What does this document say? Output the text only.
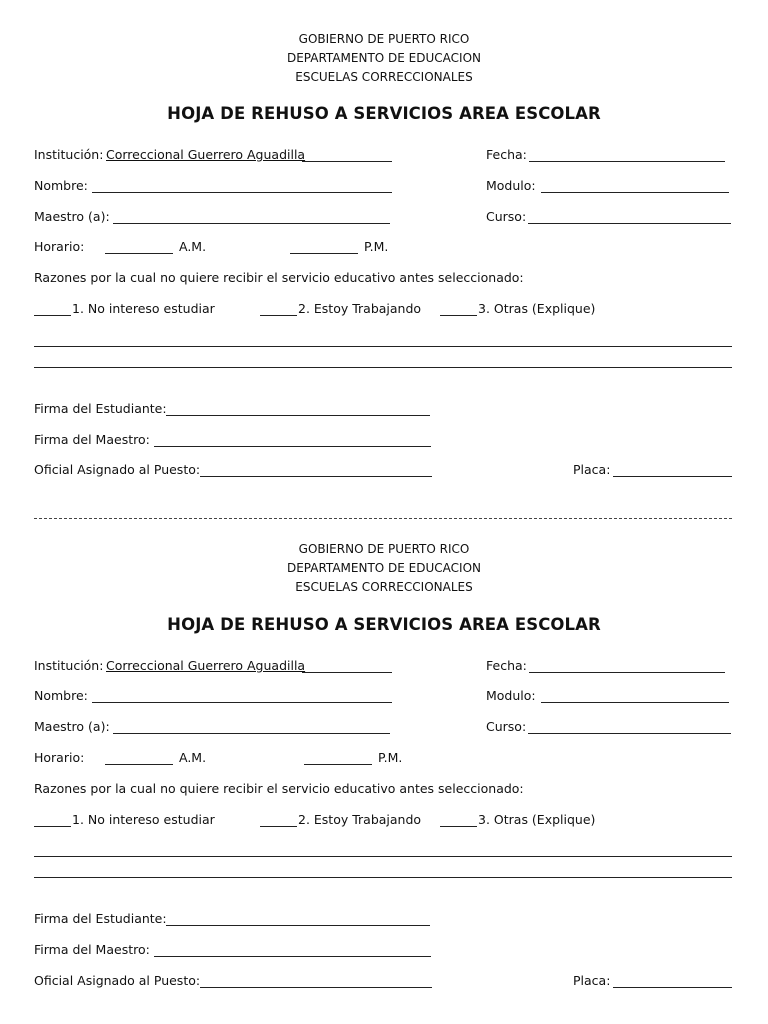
GOBIERNO DE PUERTO RICO
DEPARTAMENTO DE EDUCACION
ESCUELAS CORRECCIONALES
HOJA DE REHUSO A SERVICIOS AREA ESCOLAR
Institución: Correccional Guerrero Aguadilla	Fecha:
Nombre:	Modulo:
Maestro (a):	Curso:
Horario:	A.M.	P.M.
Razones por la cual no quiere recibir el servicio educativo antes seleccionado:
1. No intereso estudiar	2. Estoy Trabajando	3. Otras (Explique)
Firma del Estudiante:
Firma del Maestro:
Oficial Asignado al Puesto:	Placa:
GOBIERNO DE PUERTO RICO
DEPARTAMENTO DE EDUCACION
ESCUELAS CORRECCIONALES
HOJA DE REHUSO A SERVICIOS AREA ESCOLAR
Institución: Correccional Guerrero Aguadilla	Fecha:
Nombre:	Modulo:
Maestro (a):	Curso:
Horario:	A.M.	P.M.
Razones por la cual no quiere recibir el servicio educativo antes seleccionado:
1. No intereso estudiar	2. Estoy Trabajando	3. Otras (Explique)
Firma del Estudiante:
Firma del Maestro:
Oficial Asignado al Puesto:	Placa:
